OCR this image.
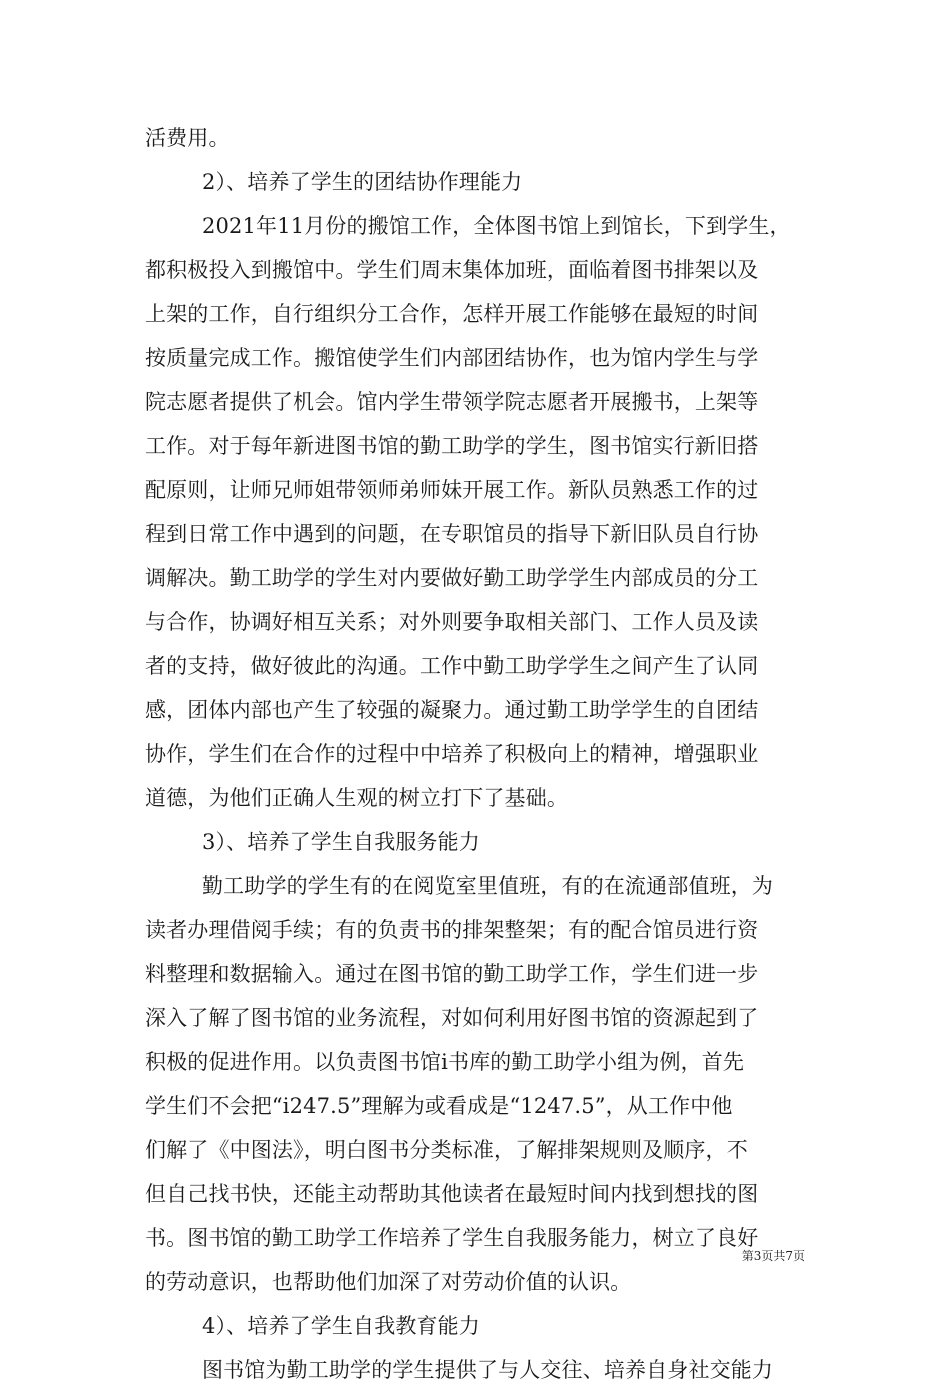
活费用。
2）、培养了学生的团结协作理能力
2021年11月份的搬馆工作，全体图书馆上到馆长，下到学生，
都积极投入到搬馆中。学生们周末集体加班，面临着图书排架以及
上架的工作，自行组织分工合作，怎样开展工作能够在最短的时间
按质量完成工作。搬馆使学生们内部团结协作，也为馆内学生与学
院志愿者提供了机会。馆内学生带领学院志愿者开展搬书，上架等
工作。对于每年新进图书馆的勤工助学的学生，图书馆实行新旧搭
配原则，让师兄师姐带领师弟师妹开展工作。新队员熟悉工作的过
程到日常工作中遇到的问题，在专职馆员的指导下新旧队员自行协
调解决。勤工助学的学生对内要做好勤工助学学生内部成员的分工
与合作，协调好相互关系；对外则要争取相关部门、工作人员及读
者的支持，做好彼此的沟通。工作中勤工助学学生之间产生了认同
感，团体内部也产生了较强的凝聚力。通过勤工助学学生的自团结
协作，学生们在合作的过程中中培养了积极向上的精神，增强职业
道德，为他们正确人生观的树立打下了基础。
3）、培养了学生自我服务能力
勤工助学的学生有的在阅览室里值班，有的在流通部值班，为
读者办理借阅手续；有的负责书的排架整架；有的配合馆员进行资
料整理和数据输入。通过在图书馆的勤工助学工作，学生们进一步
深入了解了图书馆的业务流程，对如何利用好图书馆的资源起到了
积极的促进作用。以负责图书馆i书库的勤工助学小组为例，首先
学生们不会把“i247.5”理解为或看成是“1247.5”，从工作中他
们解了《中图法》，明白图书分类标准，了解排架规则及顺序，不
但自己找书快，还能主动帮助其他读者在最短时间内找到想找的图
书。图书馆的勤工助学工作培养了学生自我服务能力，树立了良好
的劳动意识，也帮助他们加深了对劳动价值的认识。
4）、培养了学生自我教育能力
图书馆为勤工助学的学生提供了与人交往、培养自身社交能力
第3页共7页
